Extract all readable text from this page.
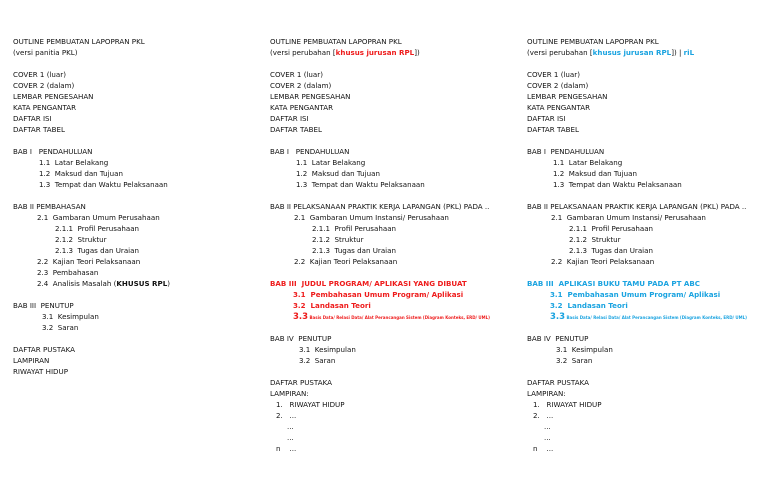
OUTLINE PEMBUATAN LAPOPRAN PKL
(versi panitia PKL)
COVER 1 (luar)
COVER 2 (dalam)
LEMBAR PENGESAHAN
KATA PENGANTAR
DAFTAR ISI
DAFTAR TABEL
BAB I   PENDAHULUAN
1.1  Latar Belakang
1.2  Maksud dan Tujuan
1.3  Tempat dan Waktu Pelaksanaan
BAB II PEMBAHASAN
2.1  Gambaran Umum Perusahaan
2.1.1  Profil Perusahaan
2.1.2  Struktur
2.1.3  Tugas dan Uraian
2.2  Kajian Teori Pelaksanaan
2.3  Pembahasan
2.4  Analisis Masalah (KHUSUS RPL)
BAB III  PENUTUP
3.1  Kesimpulan
3.2  Saran
DAFTAR PUSTAKA
LAMPIRAN
RIWAYAT HIDUP
OUTLINE PEMBUATAN LAPOPRAN PKL
(versi perubahan [khusus jurusan RPL])
COVER 1 (luar)
COVER 2 (dalam)
LEMBAR PENGESAHAN
KATA PENGANTAR
DAFTAR ISI
DAFTAR TABEL
BAB I   PENDAHULUAN
1.1  Latar Belakang
1.2  Maksud dan Tujuan
1.3  Tempat dan Waktu Pelaksanaan
BAB II PELAKSANAAN PRAKTIK KERJA LAPANGAN (PKL) PADA ..
2.1  Gambaran Umum Instansi/ Perusahaan
2.1.1  Profil Perusahaan
2.1.2  Struktur
2.1.3  Tugas dan Uraian
2.2  Kajian Teori Pelaksanaan
BAB III  JUDUL PROGRAM/ APLIKASI YANG DIBUAT
3.1  Pembahasan Umum Program/ Aplikasi
3.2  Landasan Teori
3.3 Basis Data/ Relasi Data/ Alat Perancangan Sistem (Diagram Konteks, ERD/ UML)
BAB IV  PENUTUP
3.1  Kesimpulan
3.2  Saran
DAFTAR PUSTAKA
LAMPIRAN:
1.   RIWAYAT HIDUP
2.   ...
...
...
n    ...
OUTLINE PEMBUATAN LAPOPRAN PKL
(versi perubahan [khusus jurusan RPL]) | riL
COVER 1 (luar)
COVER 2 (dalam)
LEMBAR PENGESAHAN
KATA PENGANTAR
DAFTAR ISI
DAFTAR TABEL
BAB I  PENDAHULUAN
1.1  Latar Belakang
1.2  Maksud dan Tujuan
1.3  Tempat dan Waktu Pelaksanaan
BAB II PELAKSANAAN PRAKTIK KERJA LAPANGAN (PKL) PADA ..
2.1  Gambaran Umum Instansi/ Perusahaan
2.1.1  Profil Perusahaan
2.1.2  Struktur
2.1.3  Tugas dan Uraian
2.2  Kajian Teori Pelaksanaan
BAB III  APLIKASI BUKU TAMU PADA PT ABC
3.1  Pembahasan Umum Program/ Aplikasi
3.2  Landasan Teori
3.3 Basis Data/ Relasi Data/ Alat Perancangan Sistem (Diagram Konteks, ERD/ UML)
BAB IV  PENUTUP
3.1  Kesimpulan
3.2  Saran
DAFTAR PUSTAKA
LAMPIRAN:
1.   RIWAYAT HIDUP
2.   ...
...
...
n    ...
